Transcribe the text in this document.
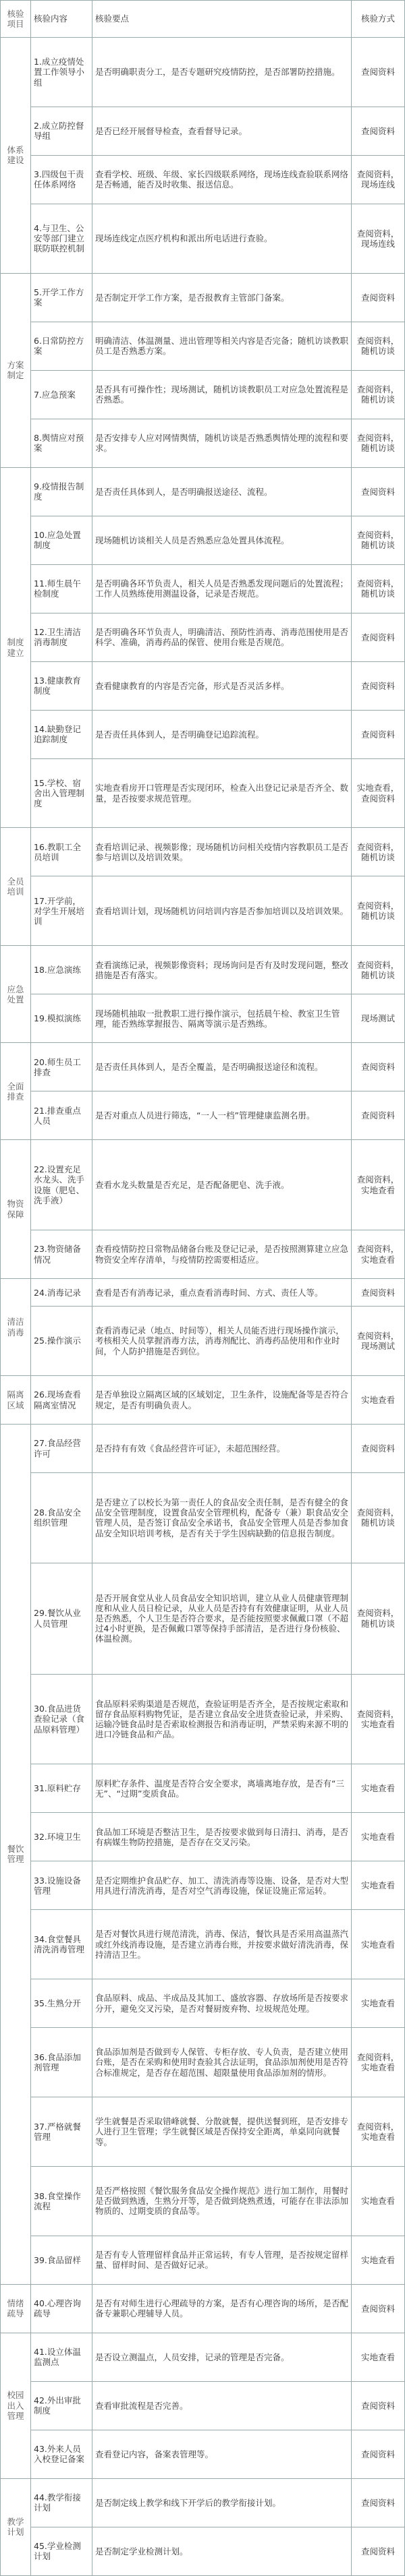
核验项目	核验内容	核验要点	核验方式
体系建设	1.成立疫情处置工作领导小组	是否明确职责分工，是否专题研究疫情防控，是否部署防控措施。	查阅资料
	2.成立防控督导组	是否已经开展督导检查，查看督导记录。	查阅资料
	3.四级包干责任体系网络	查看学校、班级、年级、家长四级联系网络，现场连线查验联系网络是否畅通，能否及时收集、报送信息。	查阅资料，现场连线
	4.与卫生、公安等部门建立联防联控机制	现场连线定点医疗机构和派出所电话进行查验。	查阅资料，现场连线
方案制定	5.开学工作方案	是否制定开学工作方案，是否报教育主管部门备案。	查阅资料
	6.日常防控方案	明确清洁、体温测量、进出管理等相关内容是否完备；随机访谈教职员工是否熟悉方案。	查阅资料，随机访谈
	7.应急预案	是否具有可操作性；现场测试，随机访谈教职员工对应急处置流程是否熟悉。	查阅资料，随机访谈
	8.舆情应对预案	是否安排专人应对网情舆情，随机访谈是否熟悉舆情处理的流程和要求。	查阅资料，随机访谈
制度建立	9.疫情报告制度	是否责任具体到人，是否明确报送途径、流程。	查阅资料
	10.应急处置制度	现场随机访谈相关人员是否熟悉应急处置具体流程。	查阅资料，随机访谈
	11.师生晨午检制度	是否明确各环节负责人，相关人员是否熟悉发现问题后的处置流程；工作人员熟练使用测温设备，记录是否规范。	查阅资料，随机访谈
	12.卫生清洁消毒制度	是否明确各环节负责人，明确清洁、预防性消毒、消毒范围使用是否科学、准确，消毒药品的保管、使用台账是否规范。	查阅资料
	13.健康教育制度	查看健康教育的内容是否完备，形式是否灵活多样。	查阅资料
	14.缺勤登记追踪制度	是否责任具体到人，是否明确登记追踪流程。	查阅资料
	15.学校、宿舍出入管理制度	实地查看房开口管理是否实现闭环，检查入出登记记录是否齐全、数量，是否按要求规范管理。	实地查看，查阅资料
全员培训	16.教职工全员培训	查看培训记录、视频影像；现场随机访问相关疫情内容教职员工是否参与培训以及培训效果。	查阅资料，随机访谈
	17.开学前，对学生开展培训	查看培训计划，现场随机访问培训内容是否参加培训以及培训效果。	查阅资料，随机访谈
应急处置	18.应急演练	查看演练记录，视频影像资料；现场询问是否有及时发现问题，整改措施是否有落实。	查阅资料，随机访谈
	19.模拟演练	现场随机抽取一批教职工进行操作演示，包括晨午检、教室卫生管理，能否熟练掌握报告、隔离等演示是否熟练。	现场测试
全面排查	20.师生员工排查	是否责任具体到人，是否全覆盖，是否明确报送途径和流程。	查阅资料
	21.排查重点人员	是否对重点人员进行筛选，“一人一档”管理健康监测名册。	查阅资料
物资保障	22.设置充足水龙头、洗手设施（肥皂、洗手液）	查看水龙头数量是否充足，是否配备肥皂、洗手液。	查阅资料，实地查看
	23.物资储备情况	查看疫情防控日常物品储备台账及登记记录，是否按照测算建立应急物资安全库存清单，与疫情防控需要相适应。	查阅资料，实地查看
清洁消毒	24.消毒记录	查看是否有消毒记录，重点查看消毒时间、方式、责任人等。	查阅资料
	25.操作演示	查看消毒记录（地点、时间等），相关人员能否进行现场操作演示，考核相关人员掌握消毒方法，消毒剂配比、消毒药品使用和作业时间，个人防护措施是否到位。	查阅资料，现场测试
隔离区域	26.现场查看隔离室情况	是否单独设立隔离区域的区域划定，卫生条件，设施配备等是否符合规定，是否有明确负责人。	实地查看
餐饮管理	27.食品经营许可	是否持有有效《食品经营许可证》，未超范围经营。	查阅资料
	28.食品安全组织管理	是否建立了以校长为第一责任人的食品安全责任制，是否有健全的食品安全管理制度，设置食品安全管理机构，配备专（兼）职食品安全管理人员，是否签订食品安全承诺书，食品安全管理人员是否参加食品安全知识培训考核，是否有关于学生因病缺勤的信息报告制度。	查阅资料，随机访谈
	29.餐饮从业人员管理	是否开展食堂从业人员食品安全知识培训，建立从业人员健康管理制度和从业人员日检记录，从业人员是否持有有效健康证明，从业人员是否熟悉，个人卫生是否符合要求，是否能按照要求佩戴口罩（不超过4小时更换，是否佩戴口罩等保持手部清洁，是否进行身份核验、体温检测。	查阅资料，随机访谈
	30.食品进货查验记录（食品原料管理）	食品原料采购渠道是否规范，查验证明是否齐全，是否按规定索取和留存食品原料购物凭证，是否建立食品安全进货查验记录，并采购、运输冷链食品时是否索取检测报告和消毒证明，严禁采购来源不明的进口冷链食品和产品。	查阅资料，实地查看
	31.原料贮存	原料贮存条件、温度是否符合安全要求，离墙离地存放，是否有“三无”、“过期”变质食品。	实地查看
	32.环境卫生	食品加工环境是否整洁卫生，是否按要求做到每日清扫、消毒，是否有病媒生物防控措施，是否存在交叉污染。	实地查看
	33.设施设备管理	是否定期维护食品贮存、加工、清洗消毒等设施、设备，是否对大型用具进行清洗消毒，是否对空气消毒设施，保证设施正常运转。	实地查看
	34.食堂餐具清洗消毒管理	是否对餐饮具进行规范清洗，消毒、保洁，餐饮具是否采用高温蒸汽或红外线消毒设施，是否建立消毒台账，并按要求做好清洗消毒，保持清洁卫生。	实地查看
	35.生熟分开	食品原料、成品、半成品及其加工、盛放容器、存放场所是否按要求分开，避免交叉污染，是否对餐厨废弃物、垃圾规范处理。	实地查看
	36.食品添加剂管理	食品添加剂是否做到专人保管、专柜存放、专人负责，是否建立使用台账，是否在采购和使用时查验其合法证明，食品添加剂使用是否符合标准规定，是否存在超范围、超限量使用食品添加剂的情形。	查阅资料，实地查看
	37.严格就餐管理	学生就餐是否采取错峰就餐、分散就餐，提供送餐到班，是否安排专人进行卫生管理；学生就餐区域是否保持安全距离，单桌同向就餐等。	查阅资料，实地查看
	38.食堂操作流程	是否严格按照《餐饮服务食品安全操作规范》进行加工制作，用餐时是否做到熟透，生熟分开等，是否做到烧熟煮透，可能存在非法添加物质的、过期变质的食品等。	实地查看
	39.食品留样	是否有专人管理留样食品并正常运转，有专人管理，是否按规定留样量、留样时间、是否做好记录。	实地查看
情绪疏导	40.心理咨询疏导	是否有对师生进行心理疏导的方案，是否有心理咨询的场所，是否配备专兼职心理辅导人员。	查阅资料
校园出入管理	41.设立体温监测点	是否设立测温点，人员安排，记录的管理是否完备。	实地查看
	42.外出审批制度	查看审批流程是否完善。	查阅资料
	43.外来人员入校登记备案	查看登记内容，备案表管理等。	查阅资料
教学计划	44.教学衔接计划	是否制定线上教学和线下开学后的教学衔接计划。	查阅资料
	45.学业检测计划	是否制定学业检测计划。	查阅资料
